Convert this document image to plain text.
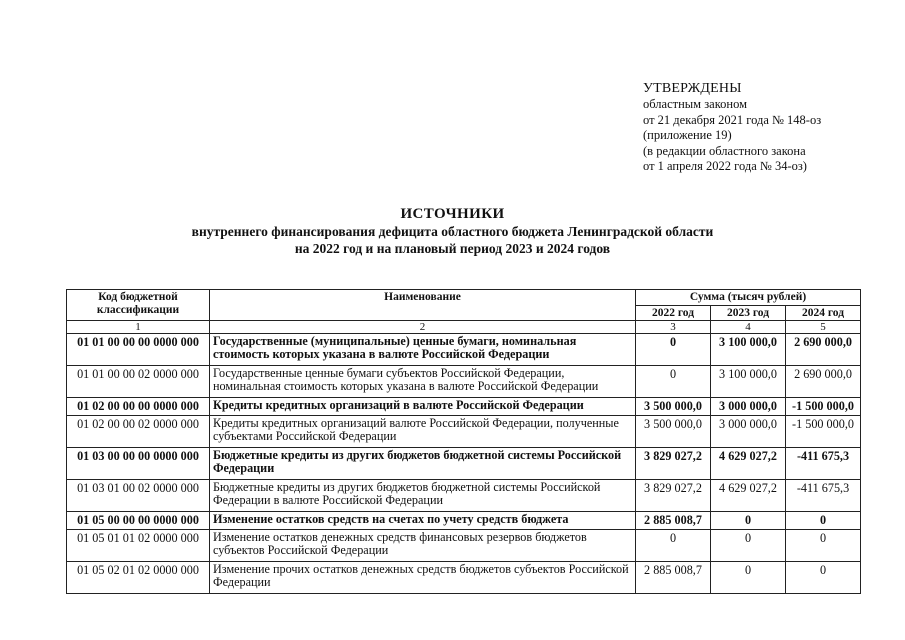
УТВЕРЖДЕНЫ
областным законом
от 21 декабря 2021 года № 148-оз
(приложение 19)
(в редакции областного закона
от 1 апреля 2022 года № 34-оз)
ИСТОЧНИКИ
внутреннего финансирования дефицита областного бюджета Ленинградской области
на 2022 год и на плановый период 2023 и 2024 годов
Код бюджетной классификации	Наименование	Сумма (тысяч рублей)		
		2022 год	2023 год	2024 год
1	2	3	4	5
01 01 00 00 00 0000 000	Государственные (муниципальные) ценные бумаги, номинальная стоимость которых указана в валюте Российской Федерации	0	3 100 000,0	2 690 000,0
01 01 00 00 02 0000 000	Государственные ценные бумаги субъектов Российской Федерации, номинальная стоимость которых указана в валюте Российской Федерации	0	3 100 000,0	2 690 000,0
01 02 00 00 00 0000 000	Кредиты кредитных организаций в валюте Российской Федерации	3 500 000,0	3 000 000,0	-1 500 000,0
01 02 00 00 02 0000 000	Кредиты кредитных организаций валюте Российской Федерации, полученные субъектами Российской Федерации	3 500 000,0	3 000 000,0	-1 500 000,0
01 03 00 00 00 0000 000	Бюджетные кредиты из других бюджетов бюджетной системы Российской Федерации	3 829 027,2	4 629 027,2	-411 675,3
01 03 01 00 02 0000 000	Бюджетные кредиты из других бюджетов бюджетной системы Российской Федерации в валюте Российской Федерации	3 829 027,2	4 629 027,2	-411 675,3
01 05 00 00 00 0000 000	Изменение остатков средств на счетах по учету средств бюджета	2 885 008,7	0	0
01 05 01 01 02 0000 000	Изменение остатков денежных средств финансовых резервов бюджетов субъектов Российской Федерации	0	0	0
01 05 02 01 02 0000 000	Изменение прочих остатков денежных средств бюджетов субъектов Российской Федерации	2 885 008,7	0	0
